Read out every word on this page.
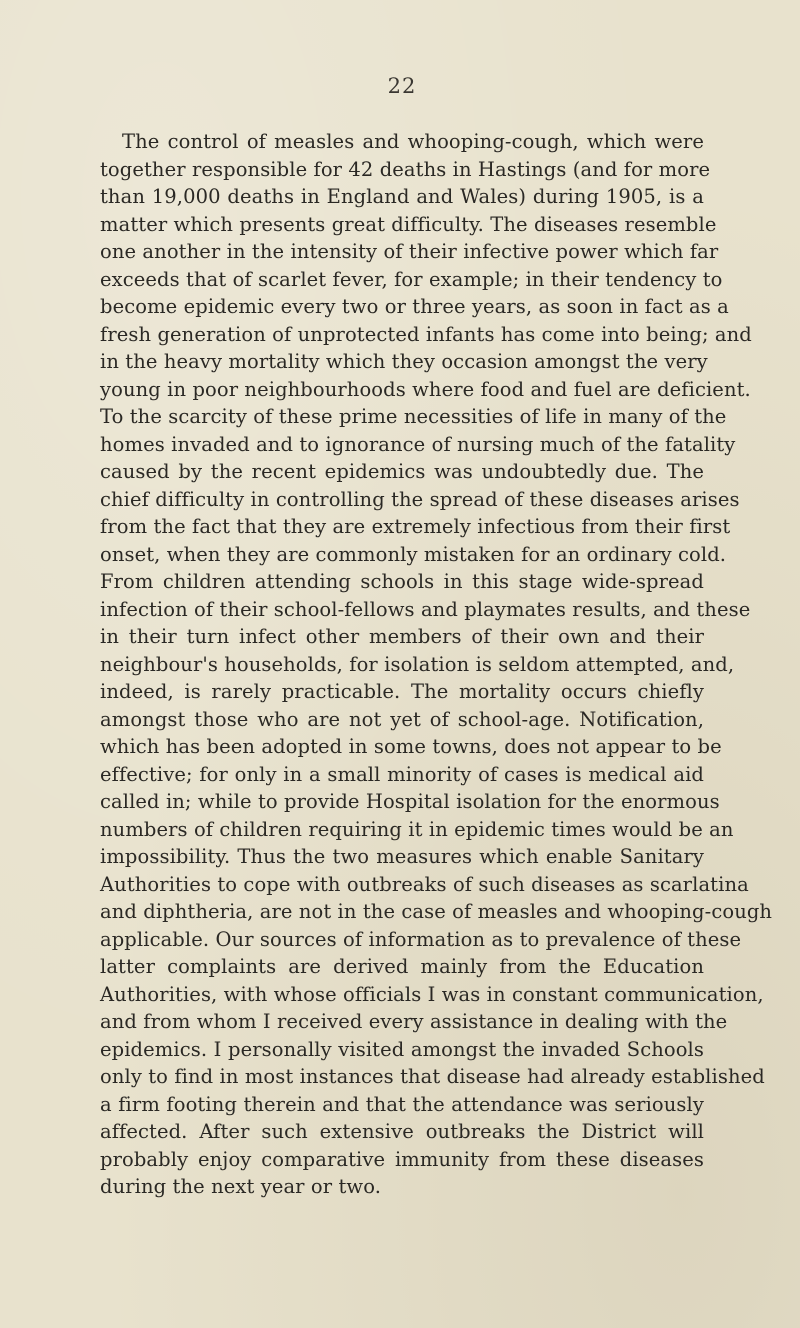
22
The control of measles and whooping-cough, which were
together responsible for 42 deaths in Hastings (and for more
than 19,000 deaths in England and Wales) during 1905, is a
matter which presents great difficulty. The diseases resemble
one another in the intensity of their infective power which far
exceeds that of scarlet fever, for example; in their tendency to
become epidemic every two or three years, as soon in fact as a
fresh generation of unprotected infants has come into being; and
in the heavy mortality which they occasion amongst the very
young in poor neighbourhoods where food and fuel are deficient.
To the scarcity of these prime necessities of life in many of the
homes invaded and to ignorance of nursing much of the fatality
caused by the recent epidemics was undoubtedly due. The
chief difficulty in controlling the spread of these diseases arises
from the fact that they are extremely infectious from their first
onset, when they are commonly mistaken for an ordinary cold.
From children attending schools in this stage wide-spread
infection of their school-fellows and playmates results, and these
in their turn infect other members of their own and their
neighbour's households, for isolation is seldom attempted, and,
indeed, is rarely practicable. The mortality occurs chiefly
amongst those who are not yet of school-age. Notification,
which has been adopted in some towns, does not appear to be
effective; for only in a small minority of cases is medical aid
called in; while to provide Hospital isolation for the enormous
numbers of children requiring it in epidemic times would be an
impossibility. Thus the two measures which enable Sanitary
Authorities to cope with outbreaks of such diseases as scarlatina
and diphtheria, are not in the case of measles and whooping-cough
applicable. Our sources of information as to prevalence of these
latter complaints are derived mainly from the Education
Authorities, with whose officials I was in constant communication,
and from whom I received every assistance in dealing with the
epidemics. I personally visited amongst the invaded Schools
only to find in most instances that disease had already established
a firm footing therein and that the attendance was seriously
affected. After such extensive outbreaks the District will
probably enjoy comparative immunity from these diseases
during the next year or two.
